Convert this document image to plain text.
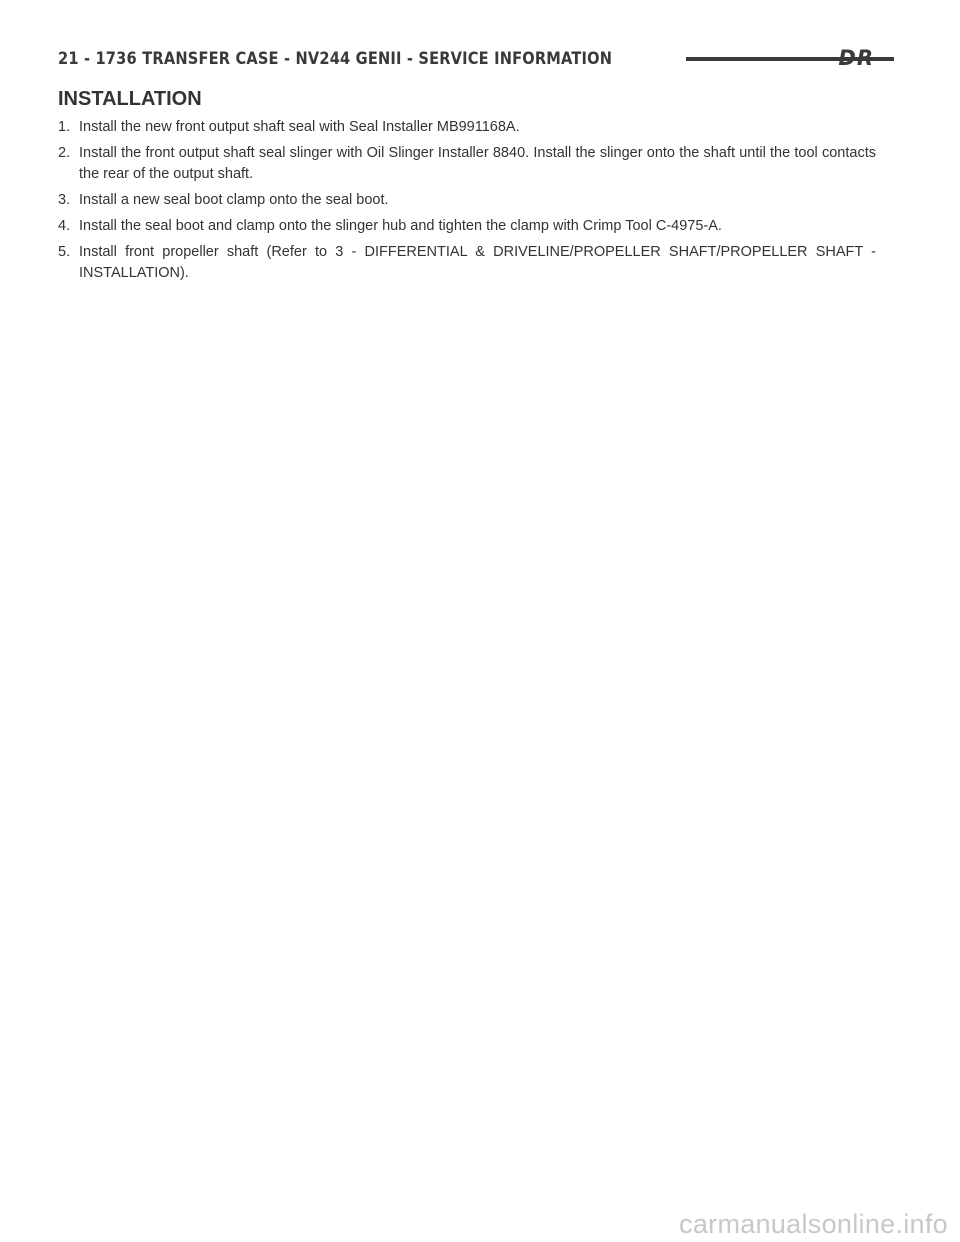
21 - 1736 TRANSFER CASE - NV244 GENII - SERVICE INFORMATION	DR
INSTALLATION
1. Install the new front output shaft seal with Seal Installer MB991168A.
2. Install the front output shaft seal slinger with Oil Slinger Installer 8840. Install the slinger onto the shaft until the tool contacts the rear of the output shaft.
3. Install a new seal boot clamp onto the seal boot.
4. Install the seal boot and clamp onto the slinger hub and tighten the clamp with Crimp Tool C-4975-A.
5. Install front propeller shaft (Refer to 3 - DIFFERENTIAL & DRIVELINE/PROPELLER SHAFT/PROPELLER SHAFT - INSTALLATION).
carmanualsonline.info
